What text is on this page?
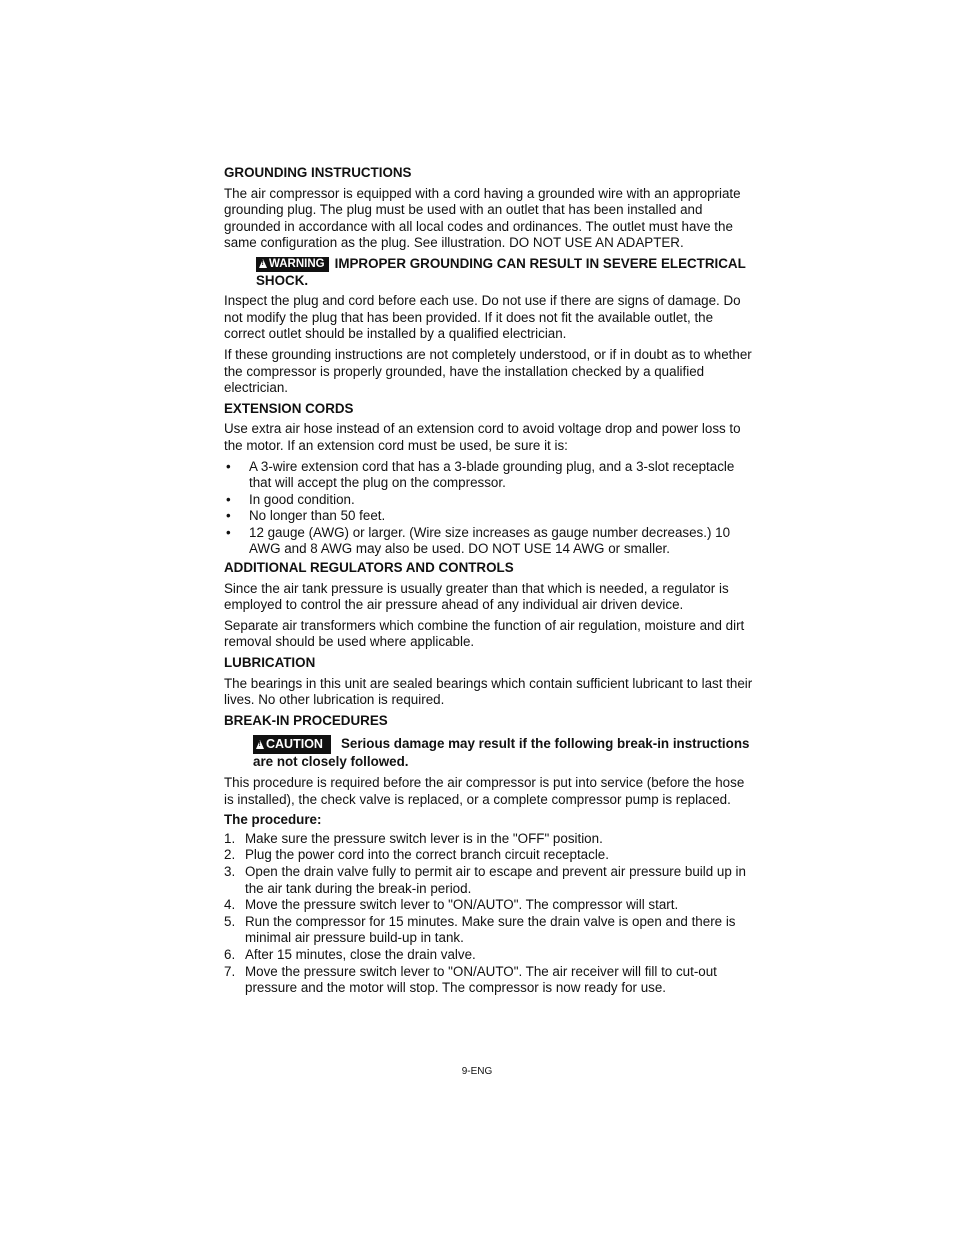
GROUNDING INSTRUCTIONS

The air compressor is equipped with a cord having a grounded wire with an appropriate grounding plug. The plug must be used with an outlet that has been installed and grounded in accordance with all local codes and ordinances. The outlet must have the same configuration as the plug. See illustration. DO NOT USE AN ADAPTER.

!WARNING IMPROPER GROUNDING CAN RESULT IN SEVERE ELECTRICAL SHOCK.

Inspect the plug and cord before each use. Do not use if there are signs of damage. Do not modify the plug that has been provided. If it does not fit the available outlet, the correct outlet should be installed by a qualified electrician.

If these grounding instructions are not completely understood, or if in doubt as to whether the compressor is properly grounded, have the installation checked by a qualified electrician.

EXTENSION CORDS

Use extra air hose instead of an extension cord to avoid voltage drop and power loss to the motor. If an extension cord must be used, be sure it is:

• A 3-wire extension cord that has a 3-blade grounding plug, and a 3-slot receptacle that will accept the plug on the compressor.
• In good condition.
• No longer than 50 feet.
• 12 gauge (AWG) or larger. (Wire size increases as gauge number decreases.) 10 AWG and 8 AWG may also be used. DO NOT USE 14 AWG or smaller.
ADDITIONAL REGULATORS AND CONTROLS

Since the air tank pressure is usually greater than that which is needed, a regulator is employed to control the air pressure ahead of any individual air driven device.

Separate air transformers which combine the function of air regulation, moisture and dirt removal should be used where applicable.

LUBRICATION

The bearings in this unit are sealed bearings which contain sufficient lubricant to last their lives. No other lubrication is required.

BREAK-IN PROCEDURES
!CAUTION Serious damage may result if the following break-in instructions are not closely followed.

This procedure is required before the air compressor is put into service (before the hose is installed), the check valve is replaced, or a complete compressor pump is replaced.

The procedure:
1. Make sure the pressure switch lever is in the "OFF" position.
2. Plug the power cord into the correct branch circuit receptacle.
3. Open the drain valve fully to permit air to escape and prevent air pressure build up in the air tank during the break-in period.
4. Move the pressure switch lever to "ON/AUTO". The compressor will start.
5. Run the compressor for 15 minutes. Make sure the drain valve is open and there is minimal air pressure build-up in tank.
6. After 15 minutes, close the drain valve.
7. Move the pressure switch lever to "ON/AUTO". The air receiver will fill to cut-out pressure and the motor will stop. The compressor is now ready for use.
9-ENG
